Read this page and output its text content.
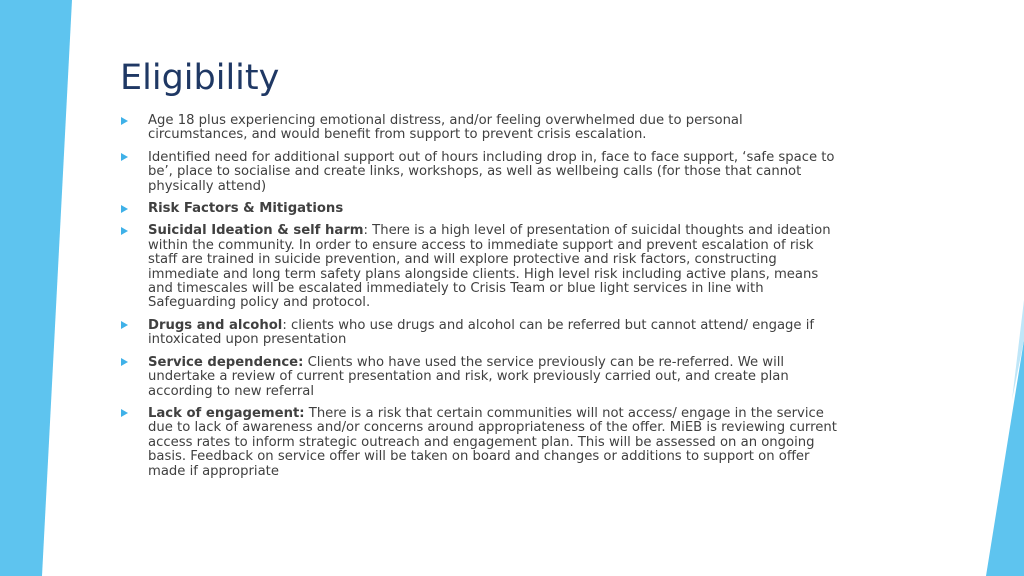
Eligibility
Age 18 plus experiencing emotional distress, and/or feeling overwhelmed due to personal circumstances, and would benefit from support to prevent crisis escalation.
Identified need for additional support out of hours including drop in, face to face support, ‘safe space to be’, place to socialise and create links, workshops, as well as wellbeing calls (for those that cannot physically attend)
Risk Factors & Mitigations
Suicidal Ideation & self harm: There is a high level of presentation of suicidal thoughts and ideation within the community. In order to ensure access to immediate support and prevent escalation of risk staff are trained in suicide prevention, and will explore protective and risk factors, constructing immediate and long term safety plans alongside clients. High level risk including active plans, means and timescales will be escalated immediately to Crisis Team or blue light services in line with Safeguarding policy and protocol.
Drugs and alcohol: clients who use drugs and alcohol can be referred but cannot attend/ engage if intoxicated upon presentation
Service dependence: Clients who have used the service previously can be re-referred. We will undertake a review of current presentation and risk, work previously carried out, and create plan according to new referral
Lack of engagement: There is a risk that certain communities will not access/ engage in the service due to lack of awareness and/or concerns around appropriateness of the offer. MiEB is reviewing current access rates to inform strategic outreach and engagement plan. This will be assessed on an ongoing basis. Feedback on service offer will be taken on board and changes or additions to support on offer made if appropriate
